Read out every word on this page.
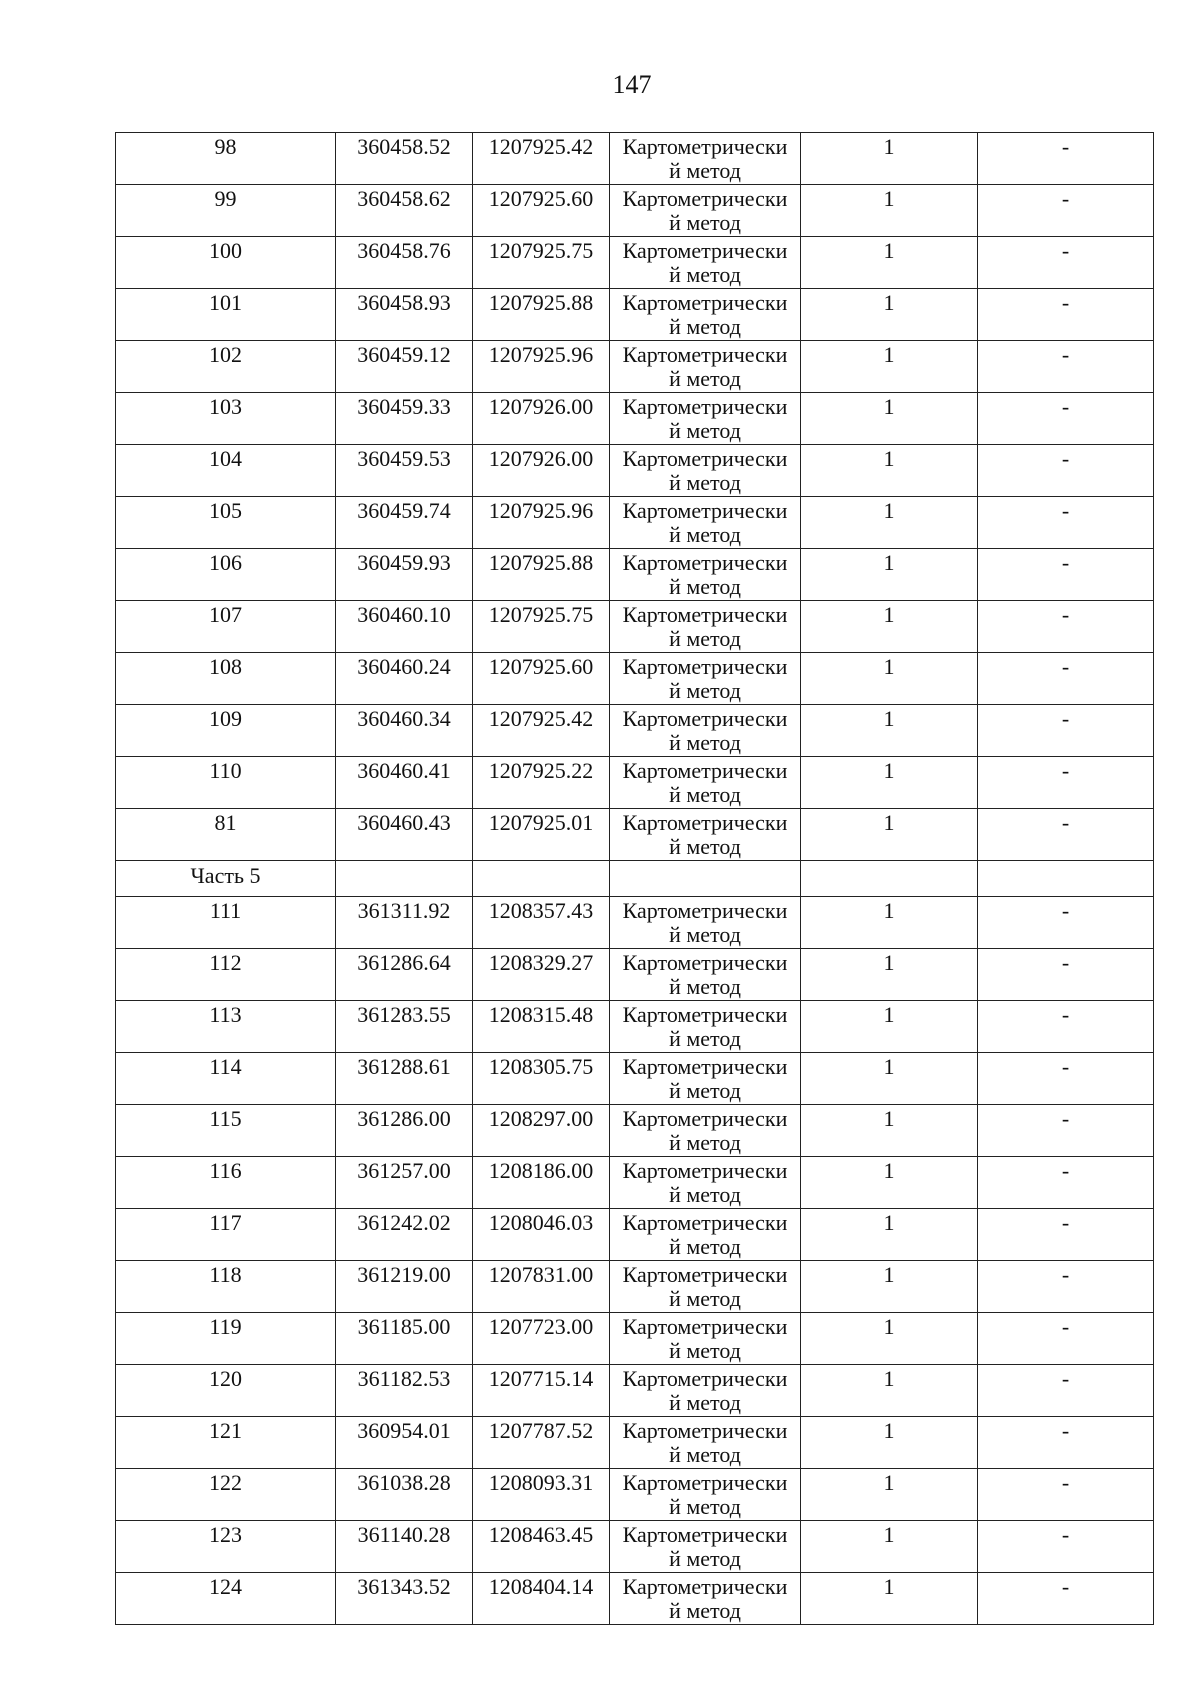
147
98	360458.52	1207925.42	Картометрически
й метод	1	-
99	360458.62	1207925.60	Картометрически
й метод	1	-
100	360458.76	1207925.75	Картометрически
й метод	1	-
101	360458.93	1207925.88	Картометрически
й метод	1	-
102	360459.12	1207925.96	Картометрически
й метод	1	-
103	360459.33	1207926.00	Картометрически
й метод	1	-
104	360459.53	1207926.00	Картометрически
й метод	1	-
105	360459.74	1207925.96	Картометрически
й метод	1	-
106	360459.93	1207925.88	Картометрически
й метод	1	-
107	360460.10	1207925.75	Картометрически
й метод	1	-
108	360460.24	1207925.60	Картометрически
й метод	1	-
109	360460.34	1207925.42	Картометрически
й метод	1	-
110	360460.41	1207925.22	Картометрически
й метод	1	-
81	360460.43	1207925.01	Картометрически
й метод	1	-
Часть 5					
111	361311.92	1208357.43	Картометрически
й метод	1	-
112	361286.64	1208329.27	Картометрически
й метод	1	-
113	361283.55	1208315.48	Картометрически
й метод	1	-
114	361288.61	1208305.75	Картометрически
й метод	1	-
115	361286.00	1208297.00	Картометрически
й метод	1	-
116	361257.00	1208186.00	Картометрически
й метод	1	-
117	361242.02	1208046.03	Картометрически
й метод	1	-
118	361219.00	1207831.00	Картометрически
й метод	1	-
119	361185.00	1207723.00	Картометрически
й метод	1	-
120	361182.53	1207715.14	Картометрически
й метод	1	-
121	360954.01	1207787.52	Картометрически
й метод	1	-
122	361038.28	1208093.31	Картометрически
й метод	1	-
123	361140.28	1208463.45	Картометрически
й метод	1	-
124	361343.52	1208404.14	Картометрически
й метод	1	-
